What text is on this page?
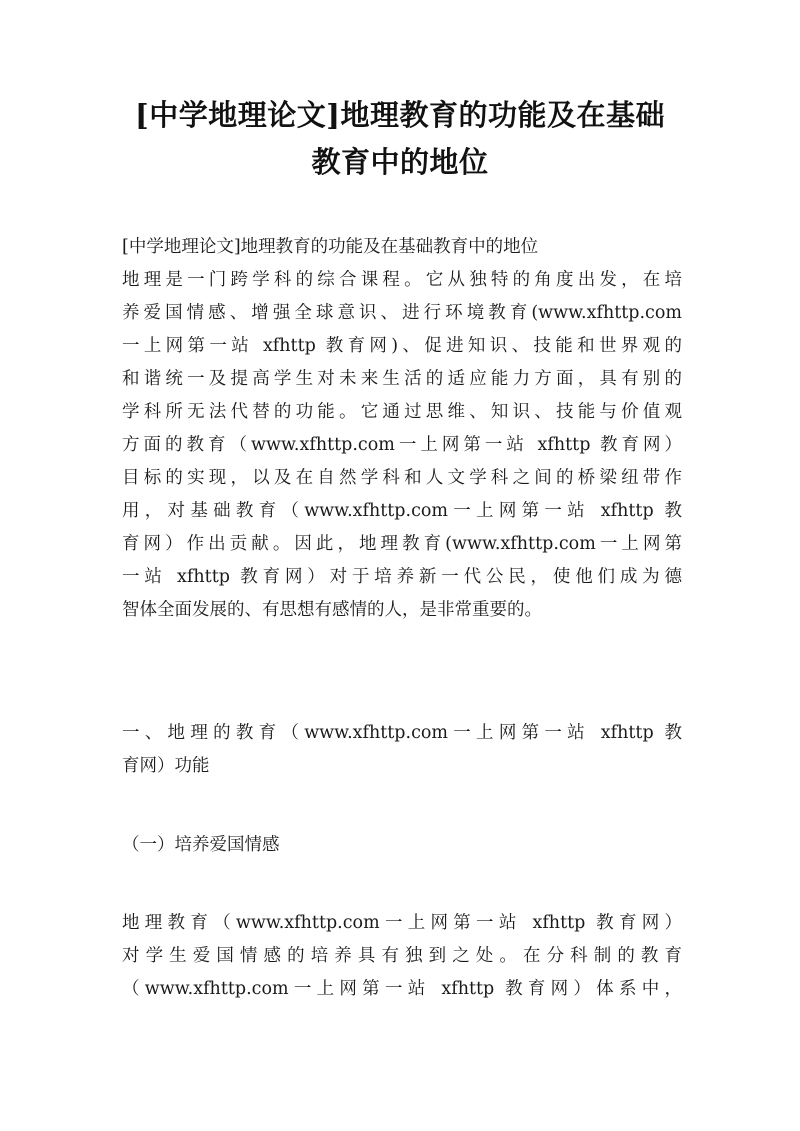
[中学地理论文]地理教育的功能及在基础
教育中的地位
[中学地理论文]地理教育的功能及在基础教育中的地位
地理是一门跨学科的综合课程。它从独特的角度出发，在培
养爱国情感、增强全球意识、进行环境教育(www.xfhttp.com
一上网第一站 xfhttp 教育网)、促进知识、技能和世界观的
和谐统一及提高学生对未来生活的适应能力方面，具有别的
学科所无法代替的功能。它通过思维、知识、技能与价值观
方面的教育（www.xfhttp.com一上网第一站 xfhttp 教育网）
目标的实现，以及在自然学科和人文学科之间的桥梁纽带作
用，对基础教育（www.xfhttp.com一上网第一站 xfhttp 教
育网）作出贡献。因此，地理教育(www.xfhttp.com一上网第
一站 xfhttp 教育网）对于培养新一代公民，使他们成为德
智体全面发展的、有思想有感情的人，是非常重要的。
一、地理的教育（www.xfhttp.com一上网第一站 xfhttp 教
育网）功能
（一）培养爱国情感
地理教育（www.xfhttp.com一上网第一站 xfhttp 教育网）
对学生爱国情感的培养具有独到之处。在分科制的教育
（www.xfhttp.com一上网第一站 xfhttp 教育网）体系中，
